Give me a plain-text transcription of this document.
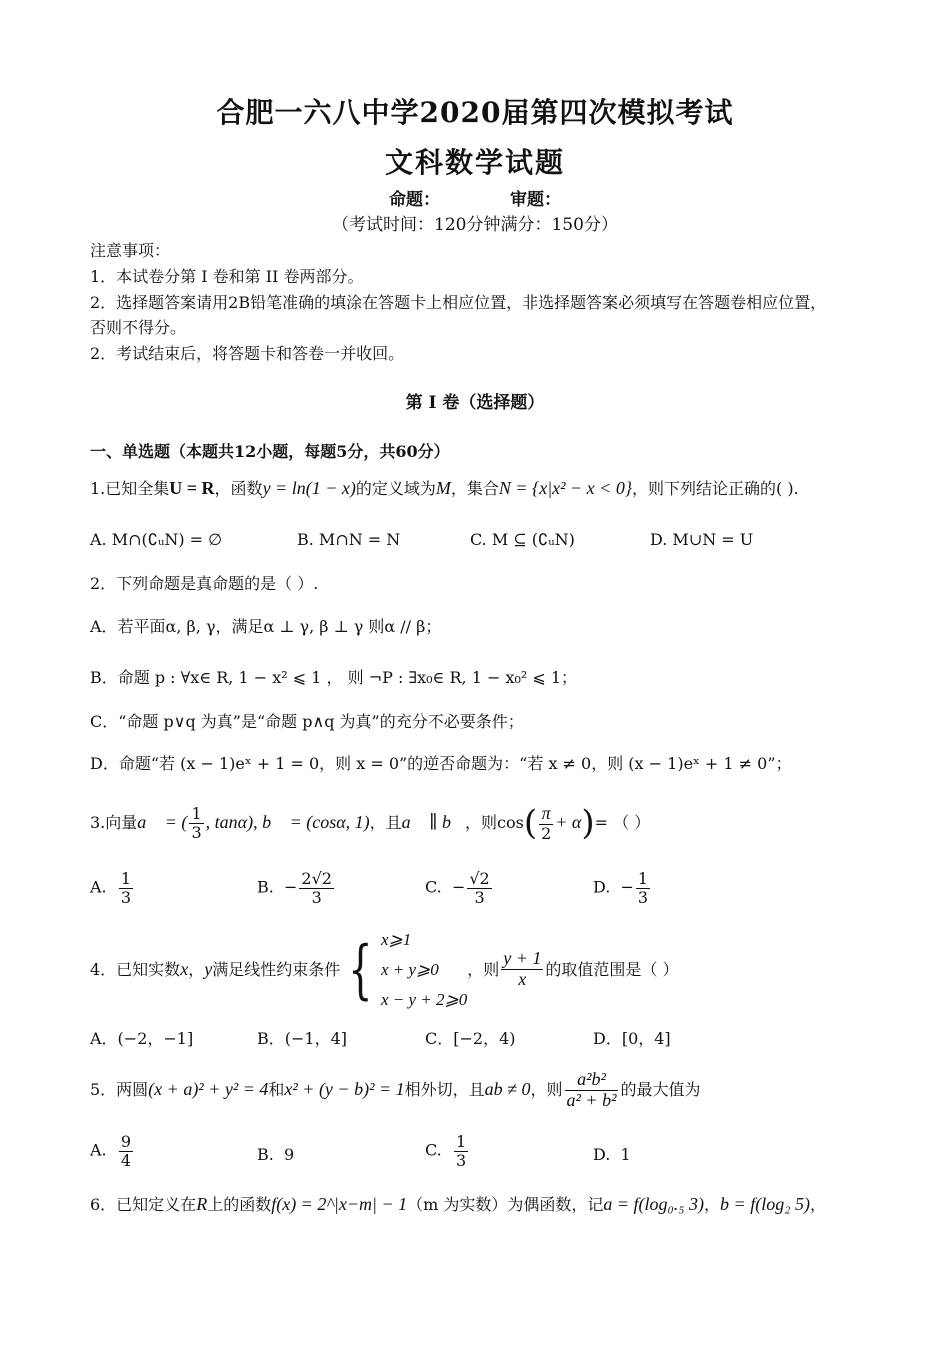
合肥一六八中学2020届第四次模拟考试
文科数学试题
命题：	审题：
（考试时间：120分钟满分：150分）
注意事项：
1．本试卷分第 I 卷和第 II 卷两部分。
2．选择题答案请用2B铅笔准确的填涂在答题卡上相应位置，非选择题答案必须填写在答题卷相应位置，
否则不得分。
2．考试结束后，将答题卡和答卷一并收回。
第 I 卷（选择题）
一、单选题（本题共12小题，每题5分，共60分）
1.已知全集U = R，函数y = ln(1 − x)的定义域为M，集合N = {x|x² − x < 0}，则下列结论正确的( ).
A. M∩(∁ᵤN) = ∅	B. M∩N = N	C. M ⊆ (∁ᵤN)	D. M∪N = U
2．下列命题是真命题的是（ ）.
A．若平面α, β, γ，满足α ⊥ γ, β ⊥ γ 则α // β；
B．命题 p : ∀x∈ R, 1 − x² ⩽ 1 ， 则 ¬P : ∃x₀∈ R, 1 − x₀² ⩽ 1；
C．“命题 p∨q 为真”是“命题 p∧q 为真”的充分不必要条件；
D．命题“若 (x − 1)eˣ + 1 = 0，则 x = 0”的逆否命题为：“若 x ≠ 0，则 (x − 1)eˣ + 1 ≠ 0”；
3.向量a⃗ = ( $\frac{1}{3}$ , tanα), b⃗ = (cosα, 1)，且a⃗ ∥ b⃗，则$\cos( \frac{\pi}{2} + \alpha)=$ （ ）
A. $\frac{1}{3}$	B. − $\frac{2√2}{3}$	C. − $\frac{√2}{3}$	D. − $\frac{1}{3}$
4．已知实数x，y满足线性约束条件 { x⩾1
x + y⩾0
x − y + 2⩾0
，则 $\frac{y + 1}{x}$ 的取值范围是（ ）
A．(−2，−1]	B．(−1，4]	C．[−2，4)	D．[0，4]
5．两圆(x + a)² + y² = 4和x² + (y − b)² = 1相外切，且ab ≠ 0，则 $\frac{\text{a²b²}}{\text{a² + b²}}$ 的最大值为
A. $\frac{9}{4}$	B. 9	C. $\frac{1}{3}$	D. 1
6．已知定义在R上的函数f(x) = 2^|x−m| − 1（m 为实数）为偶函数，记a = f(log₀.₅ 3)，b = f(log₂ 5)，
